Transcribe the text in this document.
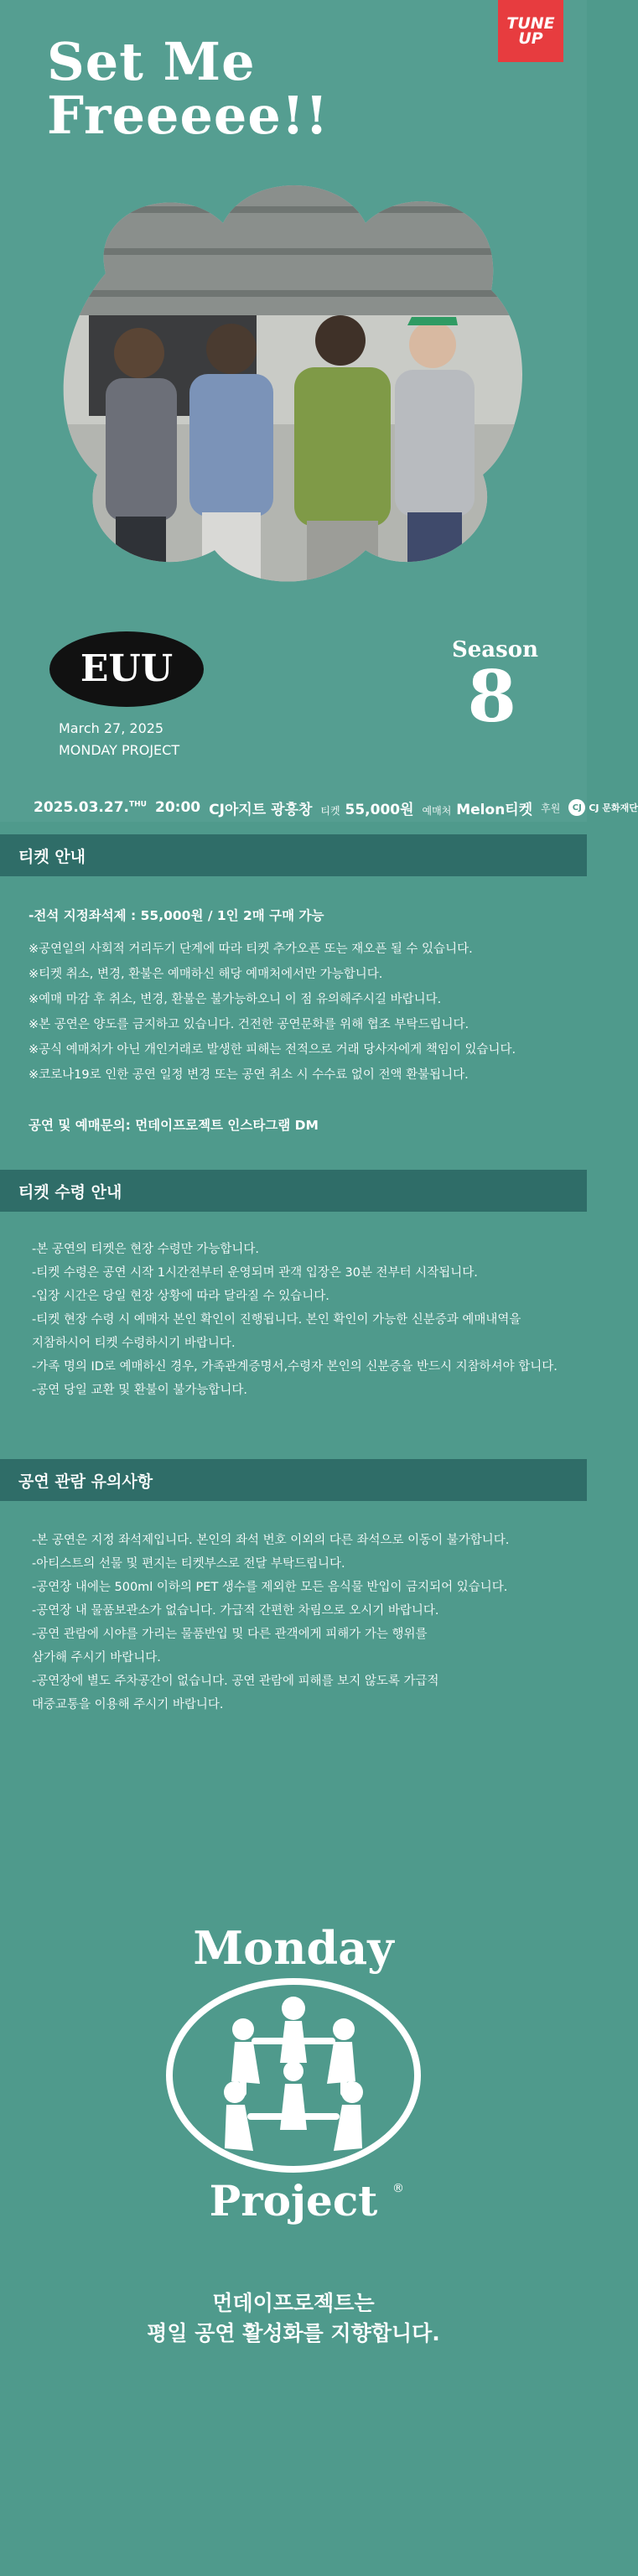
TUNE
UP
Set Me
Freeeee!!
EUU	Season
8
March 27, 2025
MONDAY PROJECT
2025.03.27.$^{THU}$ 20:00 CJ아지트 광흥창 티켓 55,000원 예매처 Melon티켓 후원	CJ CJ 문화재단
티켓 안내
-전석 지정좌석제 : 55,000원 / 1인 2매 구매 가능
※공연일의 사회적 거리두기 단계에 따라 티켓 추가오픈 또는 재오픈 될 수 있습니다.
※티켓 취소, 변경, 환불은 예매하신 해당 예매처에서만 가능합니다.
※예매 마감 후 취소, 변경, 환불은 불가능하오니 이 점 유의해주시길 바랍니다.
※본 공연은 양도를 금지하고 있습니다. 건전한 공연문화를 위해 협조 부탁드립니다.
※공식 예매처가 아닌 개인거래로 발생한 피해는 전적으로 거래 당사자에게 책임이 있습니다.
※코로나19로 인한 공연 일정 변경 또는 공연 취소 시 수수료 없이 전액 환불됩니다.
공연 및 예매문의: 먼데이프로젝트 인스타그램 DM
티켓 수령 안내
-본 공연의 티켓은 현장 수령만 가능합니다.
-티켓 수령은 공연 시작 1시간전부터 운영되며 관객 입장은 30분 전부터 시작됩니다.
-입장 시간은 당일 현장 상황에 따라 달라질 수 있습니다.
-티켓 현장 수령 시 예매자 본인 확인이 진행됩니다. 본인 확인이 가능한 신분증과 예매내역을
지참하시어 티켓 수령하시기 바랍니다.
-가족 명의 ID로 예매하신 경우, 가족관계증명서,수령자 본인의 신분증을 반드시 지참하셔야 합니다.
-공연 당일 교환 및 환불이 불가능합니다.
공연 관람 유의사항
-본 공연은 지정 좌석제입니다. 본인의 좌석 번호 이외의 다른 좌석으로 이동이 불가합니다.
-아티스트의 선물 및 편지는 티켓부스로 전달 부탁드립니다.
-공연장 내에는 500ml 이하의 PET 생수를 제외한 모든 음식물 반입이 금지되어 있습니다.
-공연장 내 물품보관소가 없습니다. 가급적 간편한 차림으로 오시기 바랍니다.
-공연 관람에 시야를 가리는 물품반입 및 다른 관객에게 피해가 가는 행위를
삼가해 주시기 바랍니다.
-공연장에 별도 주차공간이 없습니다. 공연 관람에 피해를 보지 않도록 가급적
대중교통을 이용해 주시기 바랍니다.
Monday
Project ®
먼데이프로젝트는
평일 공연 활성화를 지향합니다.
